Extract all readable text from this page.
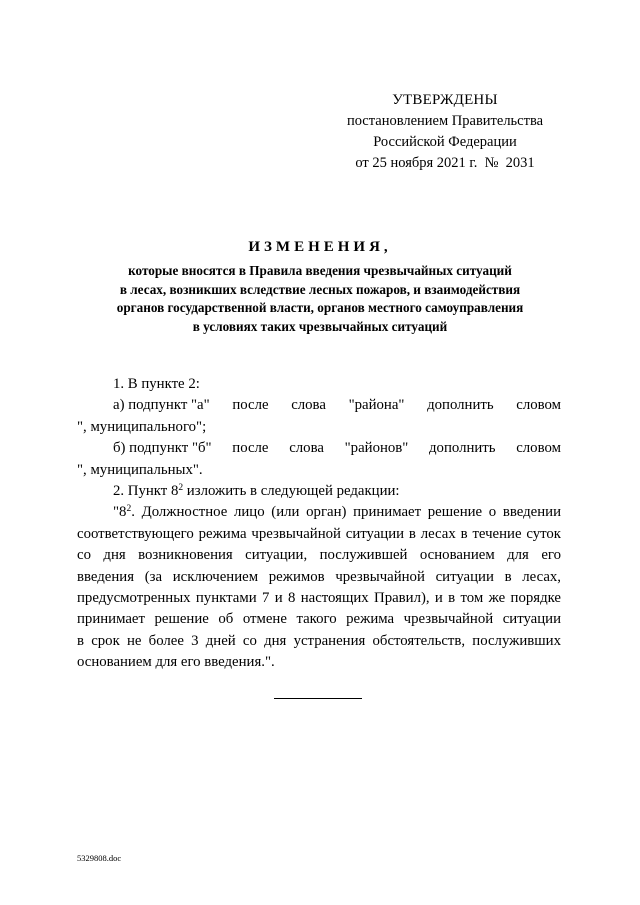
УТВЕРЖДЕНЫ
постановлением Правительства
Российской Федерации
от 25 ноября 2021 г.  №  2031
ИЗМЕНЕНИЯ,
которые вносятся в Правила введения чрезвычайных ситуаций
в лесах, возникших вследствие лесных пожаров, и взаимодействия
органов государственной власти, органов местного самоуправления
в условиях таких чрезвычайных ситуаций

1. В пункте 2:

а) подпункт "а" после слова "района" дополнить словом

", муниципального";

б) подпункт "б" после слова "районов" дополнить словом

", муниципальных".

2. Пункт $8^2$ изложить в следующей редакции:

"$8^2$. Должностное лицо (или орган) принимает решение о введении

соответствующего режима чрезвычайной ситуации в лесах в течение суток

со дня возникновения ситуации, послужившей основанием для его

введения (за исключением режимов чрезвычайной ситуации в лесах,

предусмотренных пунктами 7 и 8 настоящих Правил), и в том же порядке

принимает решение об отмене такого режима чрезвычайной ситуации

в срок не более 3 дней со дня устранения обстоятельств, послуживших

основанием для его введения.".

5329808.doc
